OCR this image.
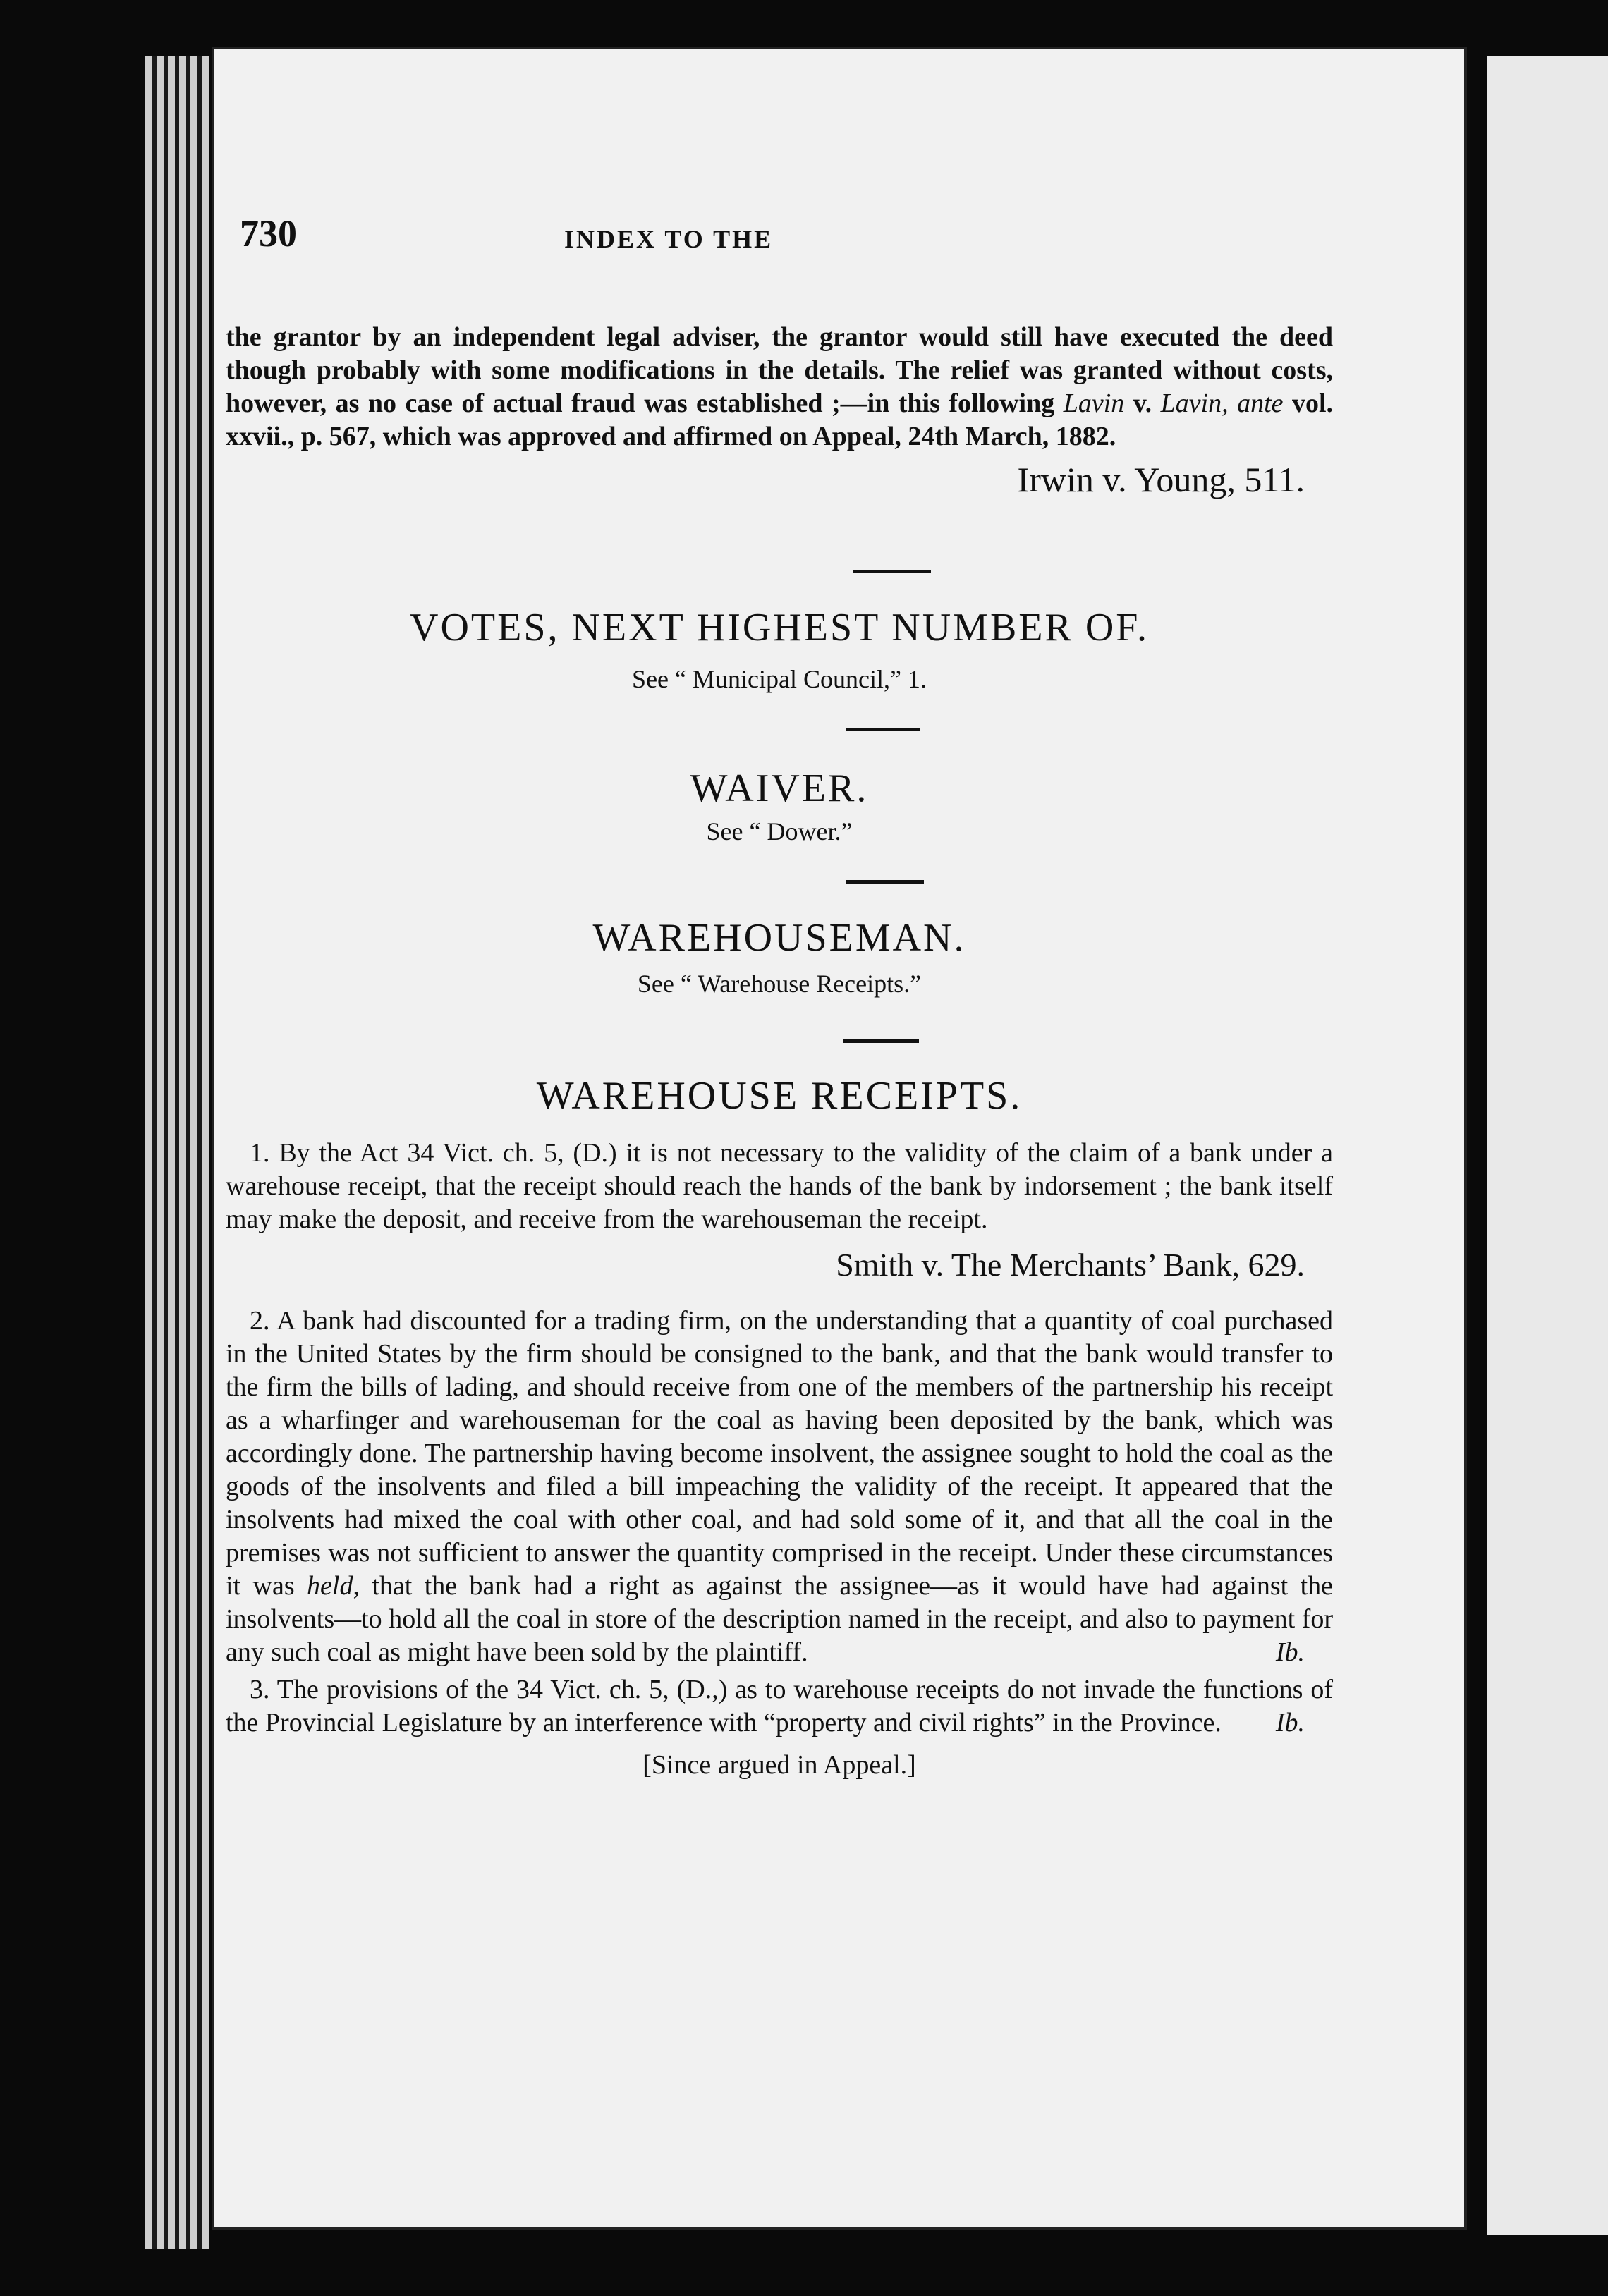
730	INDEX TO THE

the grantor by an independent legal adviser, the grantor would still have executed the deed though probably with some modifications in the details. The relief was granted without costs, however, as no case of actual fraud was established ;—in this following Lavin v. Lavin, ante vol. xxvii., p. 567, which was approved and affirmed on Appeal, 24th March, 1882.

Irwin v. Young, 511.
VOTES, NEXT HIGHEST NUMBER OF.
See “ Municipal Council,” 1.
WAIVER.
See “ Dower.”
WAREHOUSEMAN.
See “ Warehouse Receipts.”
WAREHOUSE RECEIPTS.

1. By the Act 34 Vict. ch. 5, (D.) it is not necessary to the validity of the claim of a bank under a warehouse receipt, that the receipt should reach the hands of the bank by indorsement ; the bank itself may make the deposit, and receive from the warehouseman the receipt.

Smith v. The Merchants’ Bank, 629.

2. A bank had discounted for a trading firm, on the understanding that a quantity of coal purchased in the United States by the firm should be consigned to the bank, and that the bank would transfer to the firm the bills of lading, and should receive from one of the members of the partnership his receipt as a wharfinger and warehouseman for the coal as having been deposited by the bank, which was accordingly done. The partnership having become insolvent, the assignee sought to hold the coal as the goods of the insolvents and filed a bill impeaching the validity of the receipt. It appeared that the insolvents had mixed the coal with other coal, and had sold some of it, and that all the coal in the premises was not sufficient to answer the quantity comprised in the receipt. Under these circumstances it was held, that the bank had a right as against the assignee—as it would have had against the insolvents—to hold all the coal in store of the description named in the receipt, and also to payment for any such coal as might have been sold by the plaintiff.	Ib.

3. The provisions of the 34 Vict. ch. 5, (D.,) as to warehouse receipts do not invade the functions of the Provincial Legislature by an interference with “property and civil rights” in the Province.	Ib.

[Since argued in Appeal.]
